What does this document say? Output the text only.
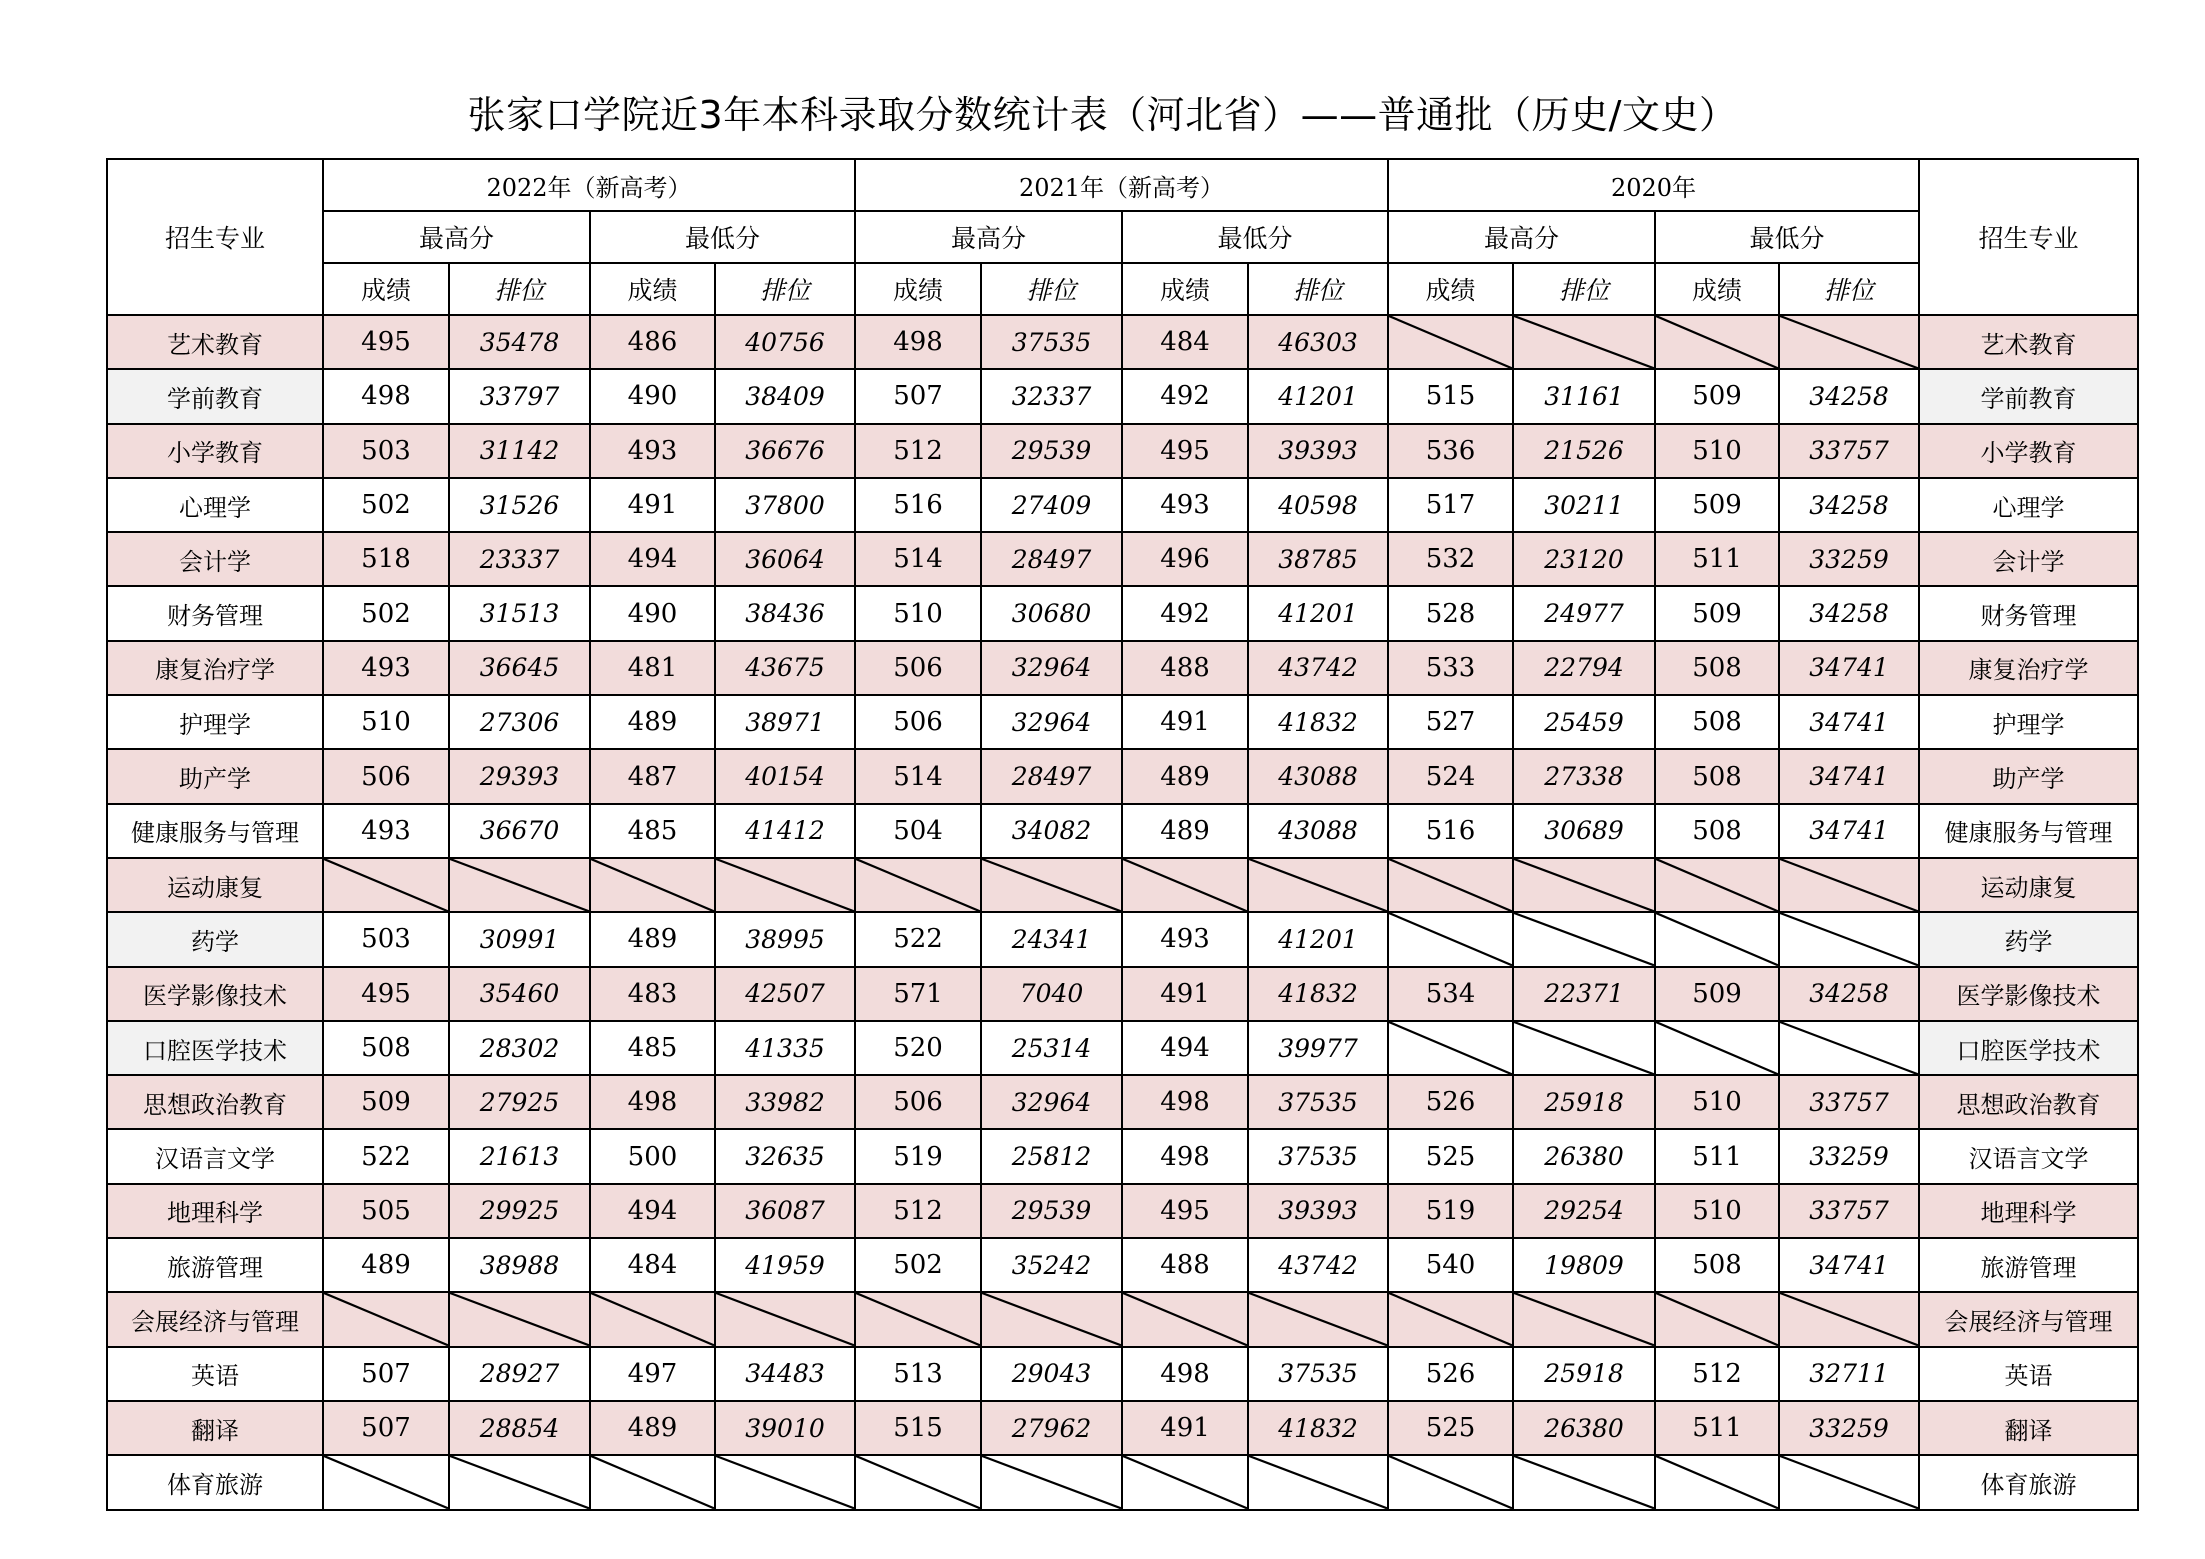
张家口学院近3年本科录取分数统计表（河北省）——普通批（历史/文史）
招生专业	2022年（新高考）				2021年（新高考）				2020年				招生专业
	最高分		最低分		最高分		最低分		最高分		最低分		
	成绩	排位	成绩	排位	成绩	排位	成绩	排位	成绩	排位	成绩	排位	
艺术教育	495	35478	486	40756	498	37535	484	46303					艺术教育
学前教育	498	33797	490	38409	507	32337	492	41201	515	31161	509	34258	学前教育
小学教育	503	31142	493	36676	512	29539	495	39393	536	21526	510	33757	小学教育
心理学	502	31526	491	37800	516	27409	493	40598	517	30211	509	34258	心理学
会计学	518	23337	494	36064	514	28497	496	38785	532	23120	511	33259	会计学
财务管理	502	31513	490	38436	510	30680	492	41201	528	24977	509	34258	财务管理
康复治疗学	493	36645	481	43675	506	32964	488	43742	533	22794	508	34741	康复治疗学
护理学	510	27306	489	38971	506	32964	491	41832	527	25459	508	34741	护理学
助产学	506	29393	487	40154	514	28497	489	43088	524	27338	508	34741	助产学
健康服务与管理	493	36670	485	41412	504	34082	489	43088	516	30689	508	34741	健康服务与管理
运动康复													运动康复
药学	503	30991	489	38995	522	24341	493	41201					药学
医学影像技术	495	35460	483	42507	571	7040	491	41832	534	22371	509	34258	医学影像技术
口腔医学技术	508	28302	485	41335	520	25314	494	39977					口腔医学技术
思想政治教育	509	27925	498	33982	506	32964	498	37535	526	25918	510	33757	思想政治教育
汉语言文学	522	21613	500	32635	519	25812	498	37535	525	26380	511	33259	汉语言文学
地理科学	505	29925	494	36087	512	29539	495	39393	519	29254	510	33757	地理科学
旅游管理	489	38988	484	41959	502	35242	488	43742	540	19809	508	34741	旅游管理
会展经济与管理													会展经济与管理
英语	507	28927	497	34483	513	29043	498	37535	526	25918	512	32711	英语
翻译	507	28854	489	39010	515	27962	491	41832	525	26380	511	33259	翻译
体育旅游													体育旅游
